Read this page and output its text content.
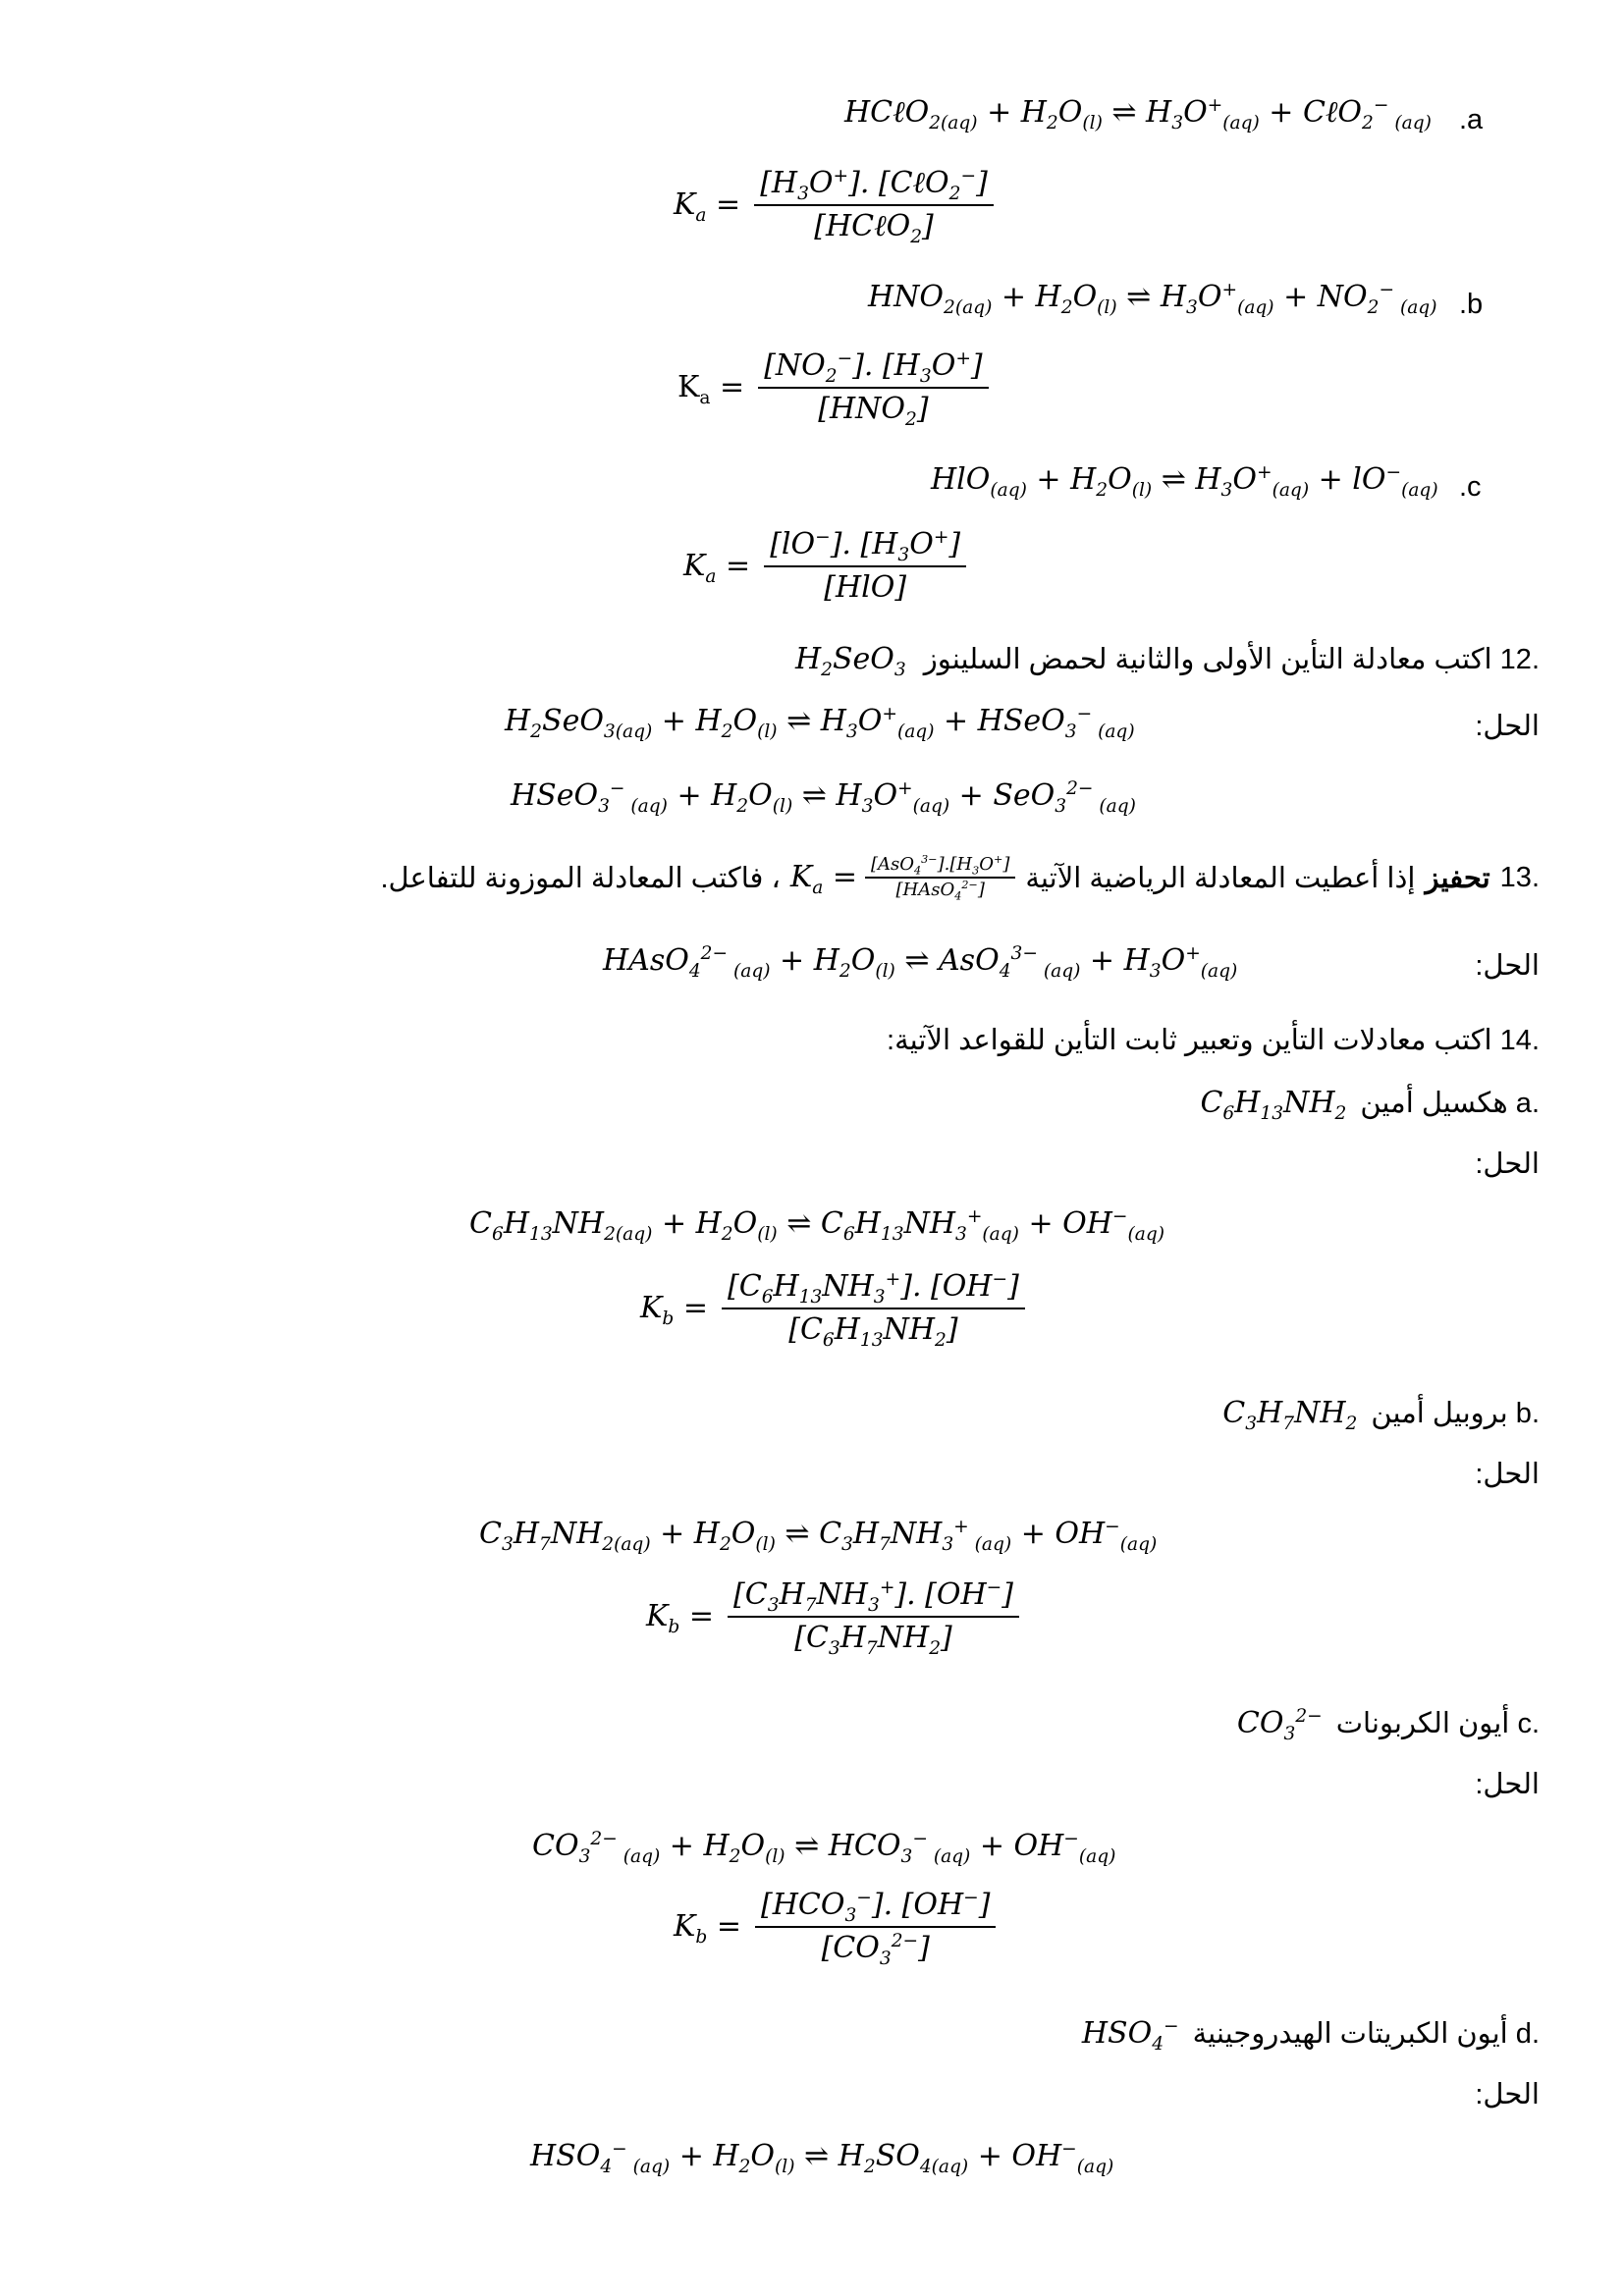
HCℓO$_{2(aq)}$ + $H_2O_{(l)}$ ⇌ $H_3O^+_{(aq)}$ + CℓO$_2$− $_{(aq)}$ .a
$K_a = \frac{[H_3O^+]. [C\ell O_2^-]}{[HC\ell O_2]}$
$HNO_{2(aq)} + H_2O_{(l)}$ ⇌ $H_3O^+_{(aq)} + NO_2^-$ $_{(aq)}$ .b
$K_a = \frac{[NO_2^-]. [H_3O^+]}{[HNO_2]}$
$HlO_{(aq)} + H_2O_{(l)}$ ⇌ $H_3O^+_{(aq)} + lO^-_{(aq)}$ .c
$K_a = \frac{[lO^-]. [H_3O^+]}{\text{[HlO]}}$
$H_2SeO_3$ .12 اكتب معادلة التأين الأولى والثانية لحمض السلينوز
الحل:
$H_2SeO_{3(aq)} + H_2O_{(l)}$ ⇌ $H_3O^+_{(aq)}$ + HSeO$_3$− $_{(aq)}$
HSeO$_3$− $_{(aq)} + H_2O_{(l)}$ ⇌ $H_3O^+_{(aq)} + SeO_3^{2-}$ $_{(aq)}$
.13
تحفيز
إذا أعطيت المعادلة الرياضية الآتية
$K_a = \frac{[AsO_4^{3-}].[H_3O^+]}{[HAsO_4^{2-}]}$
، فاكتب المعادلة الموزونة للتفاعل.
الحل:
HAsO$_4^{2-}$ $_{(aq)} + H_2O_{(l)}$ ⇌ AsO$_4^{3-}$ $_{(aq)} + H_3O^+_{(aq)}$
.14 اكتب معادلات التأين وتعبير ثابت التأين للقواعد الآتية:
$C_6H_{13}NH_2$ .a هكسيل أمين
الحل:
$C_6H_{13}NH_{2(aq)} + H_2O_{(l)}$ ⇌ $C_6H_{13}NH_3^+_{(aq)} + OH^-_{(aq)}$
$K_b = \frac{[C_6H_{13}NH_3^+]. [OH^-]}{[C_6H_{13}NH_2]}$
$C_3H_7NH_2$ .b بروبيل أمين
الحل:
$C_3H_7NH_{2(aq)} + H_2O_{(l)}$ ⇌ $C_3H_7NH_3^+$ $_{(aq)} + OH^-_{(aq)}$
$K_b = \frac{[C_3H_7NH_3^+]. [OH^-]}{[C_3H_7NH_2]}$
$CO_3^{2-}$ .c أيون الكربونات
الحل:
$CO_3^{2-}$ $_{(aq)} + H_2O_{(l)}$ ⇌ $HCO_3^-$ $_{(aq)} + OH^-_{(aq)}$
$K_b = \frac{[HCO_3^-]. [OH^-]}{[CO_3^{2-}]}$
$HSO_4^-$ .d أيون الكبريتات الهيدروجينية
الحل:
$HSO_4^-$ $_{(aq)} + H_2O_{(l)}$ ⇌ $H_2SO_{4(aq)} + OH^-_{(aq)}$
